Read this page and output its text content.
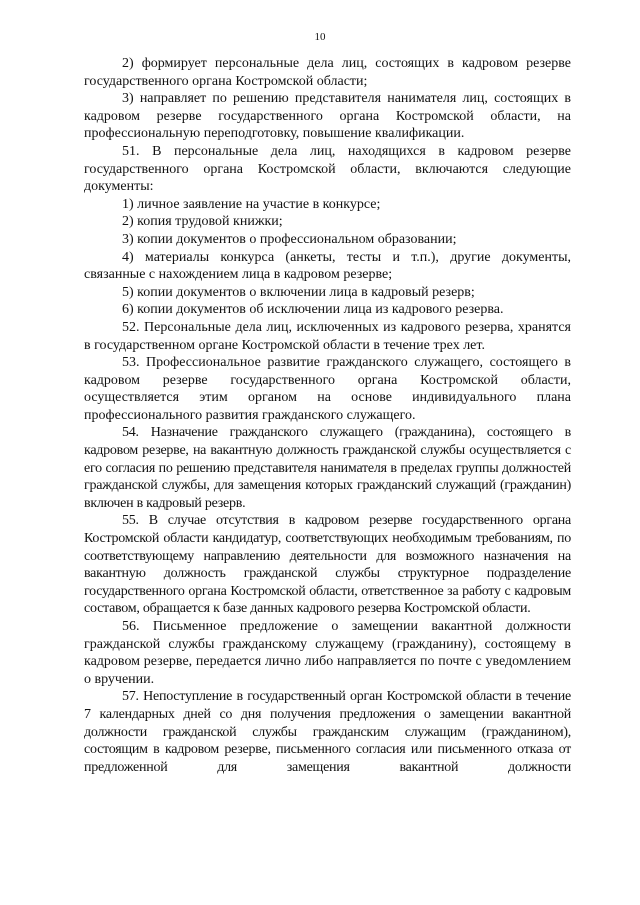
10

2) формирует персональные дела лиц, состоящих в кадровом резерве государственного органа Костромской области;

3) направляет по решению представителя нанимателя лиц, состоящих в кадровом резерве государственного органа Костромской области, на профессиональную переподготовку, повышение квалификации.

51. В персональные дела лиц, находящихся в кадровом резерве государственного органа Костромской области, включаются следующие документы:

1) личное заявление на участие в конкурсе;

2) копия трудовой книжки;

3) копии документов о профессиональном образовании;

4) материалы конкурса (анкеты, тесты и т.п.), другие документы, связанные с нахождением лица в кадровом резерве;

5) копии документов о включении лица в кадровый резерв;

6) копии документов об исключении лица из кадрового резерва.

52. Персональные дела лиц, исключенных из кадрового резерва, хранятся в государственном органе Костромской области в течение трех лет.

53. Профессиональное развитие гражданского служащего, состоящего в кадровом резерве государственного органа Костромской области, осуществляется этим органом на основе индивидуального плана профессионального развития гражданского служащего.

54. Назначение гражданского служащего (гражданина), состоящего в кадровом резерве, на вакантную должность гражданской службы осуществляется с его согласия по решению представителя нанимателя в пределах группы должностей гражданской службы, для замещения которых гражданский служащий (гражданин) включен в кадровый резерв.

55. В случае отсутствия в кадровом резерве государственного органа Костромской области кандидатур, соответствующих необходимым требованиям, по соответствующему направлению деятельности для возможного назначения на вакантную должность гражданской службы структурное подразделение государственного органа Костромской области, ответственное за работу с кадровым составом, обращается к базе данных кадрового резерва Костромской области.

56. Письменное предложение о замещении вакантной должности гражданской службы гражданскому служащему (гражданину), состоящему в кадровом резерве, передается лично либо направляется по почте с уведомлением о вручении.

57. Непоступление в государственный орган Костромской области в течение 7 календарных дней со дня получения предложения о замещении вакантной должности гражданской службы гражданским служащим (гражданином), состоящим в кадровом резерве, письменного согласия или письменного отказа от предложенной для замещения вакантной должности
